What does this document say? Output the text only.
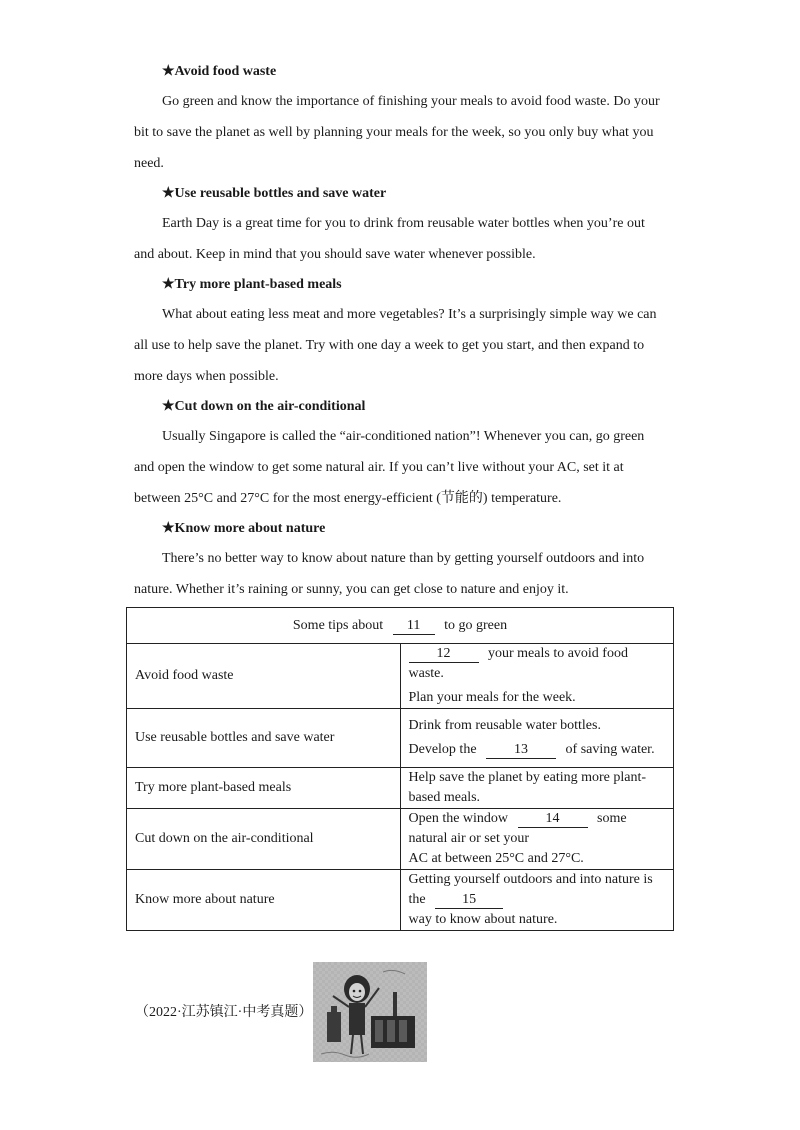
★Avoid food waste
Go green and know the importance of finishing your meals to avoid food waste. Do your
bit to save the planet as well by planning your meals for the week, so you only buy what you
need.
★Use reusable bottles and save water
Earth Day is a great time for you to drink from reusable water bottles when you’re out
and about. Keep in mind that you should save water whenever possible.
★Try more plant-based meals
What about eating less meat and more vegetables? It’s a surprisingly simple way we can
all use to help save the planet. Try with one day a week to get you start, and then expand to
more days when possible.
★Cut down on the air-conditional
Usually Singapore is called the “air-conditioned nation”! Whenever you can, go green
and open the window to get some natural air. If you can’t live without your AC, set it at
between 25°C and 27°C for the most energy-efficient (节能的) temperature.
★Know more about nature
There’s no better way to know about nature than by getting yourself outdoors and into
nature. Whether it’s raining or sunny, you can get close to nature and enjoy it.
Some tips about 11 to go green	
Avoid food waste	12 your meals to avoid food waste.
Plan your meals for the week.

Use reusable bottles and save water	Drink from reusable water bottles.
Develop the 13 of saving water.

Try more plant-based meals	Help save the planet by eating more plant-based meals.
Cut down on the air-conditional	Open the window 14 some natural air or set your
AC at between 25°C and 27°C.

Know more about nature	Getting yourself outdoors and into nature is the 15
way to know about nature.
（2022·江苏镇江·中考真题）
